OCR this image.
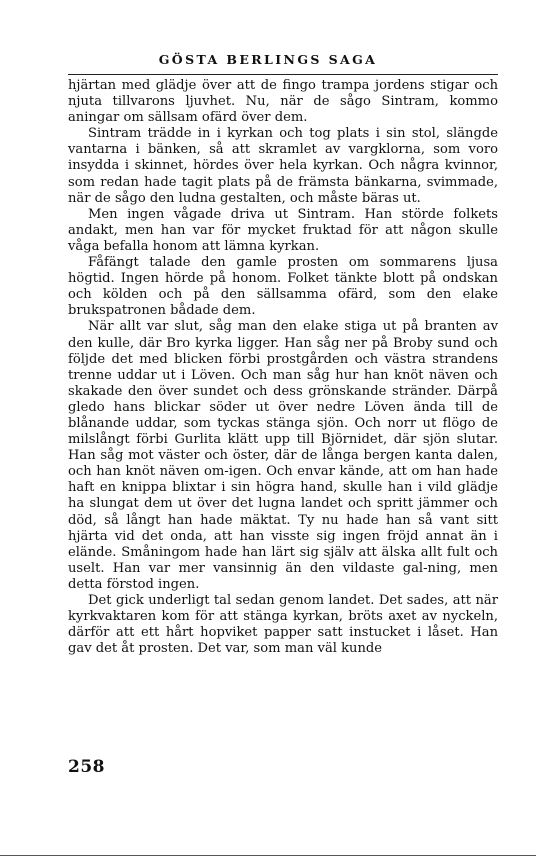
GÖSTA BERLINGS SAGA

hjärtan med glädje över att de fingo trampa jordens stigar och njuta tillvarons ljuvhet. Nu, när de sågo Sintram, kommo aningar om sällsam ofärd över dem.

Sintram trädde in i kyrkan och tog plats i sin stol, slängde vantarna i bänken, så att skramlet av vargklorna, som voro insydda i skinnet, hördes över hela kyrkan. Och några kvinnor, som redan hade tagit plats på de främsta bänkarna, svimmade, när de sågo den ludna gestalten, och måste bäras ut.

Men ingen vågade driva ut Sintram. Han störde folkets andakt, men han var för mycket fruktad för att någon skulle våga befalla honom att lämna kyrkan.

Fåfängt talade den gamle prosten om sommarens ljusa högtid. Ingen hörde på honom. Folket tänkte blott på ondskan och kölden och på den sällsamma ofärd, som den elake brukspatronen bådade dem.

När allt var slut, såg man den elake stiga ut på branten av den kulle, där Bro kyrka ligger. Han såg ner på Broby sund och följde det med blicken förbi prostgården och västra strandens trenne uddar ut i Löven. Och man såg hur han knöt näven och skakade den över sundet och dess grönskande stränder. Därpå gledo hans blickar söder ut över nedre Löven ända till de blånande uddar, som tyckas stänga sjön. Och norr ut flögo de milslångt förbi Gurlita klätt upp till Björnidet, där sjön slutar. Han såg mot väster och öster, där de långa bergen kanta dalen, och han knöt näven om-igen. Och envar kände, att om han hade haft en knippa blixtar i sin högra hand, skulle han i vild glädje ha slungat dem ut över det lugna landet och spritt jämmer och död, så långt han hade mäktat. Ty nu hade han så vant sitt hjärta vid det onda, att han visste sig ingen fröjd annat än i elände. Småningom hade han lärt sig själv att älska allt fult och uselt. Han var mer vansinnig än den vildaste gal-ning, men detta förstod ingen.

Det gick underligt tal sedan genom landet. Det sades, att när kyrkvaktaren kom för att stänga kyrkan, bröts axet av nyckeln, därför att ett hårt hopviket papper satt instucket i låset. Han gav det åt prosten. Det var, som man väl kunde

258
